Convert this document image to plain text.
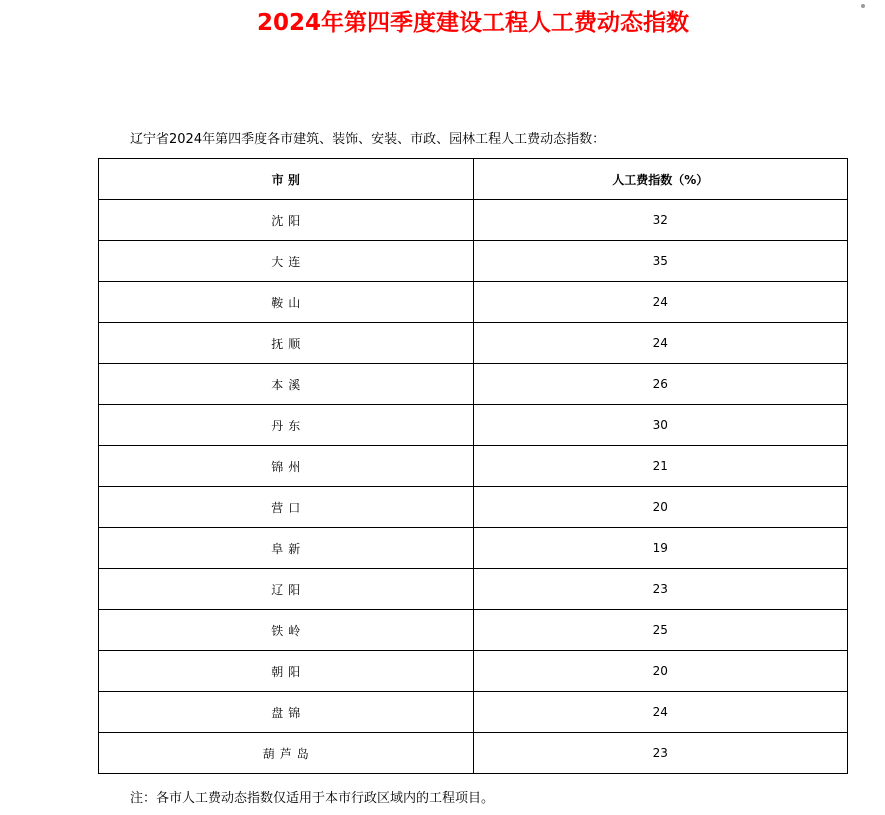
2024年第四季度建设工程人工费动态指数
辽宁省2024年第四季度各市建筑、装饰、安装、市政、园林工程人工费动态指数：
市 别	人工费指数（%）
沈阳	32
大连	35
鞍山	24
抚顺	24
本溪	26
丹东	30
锦州	21
营口	20
阜新	19
辽阳	23
铁岭	25
朝阳	20
盘锦	24
葫芦岛	23
注：各市人工费动态指数仅适用于本市行政区域内的工程项目。
